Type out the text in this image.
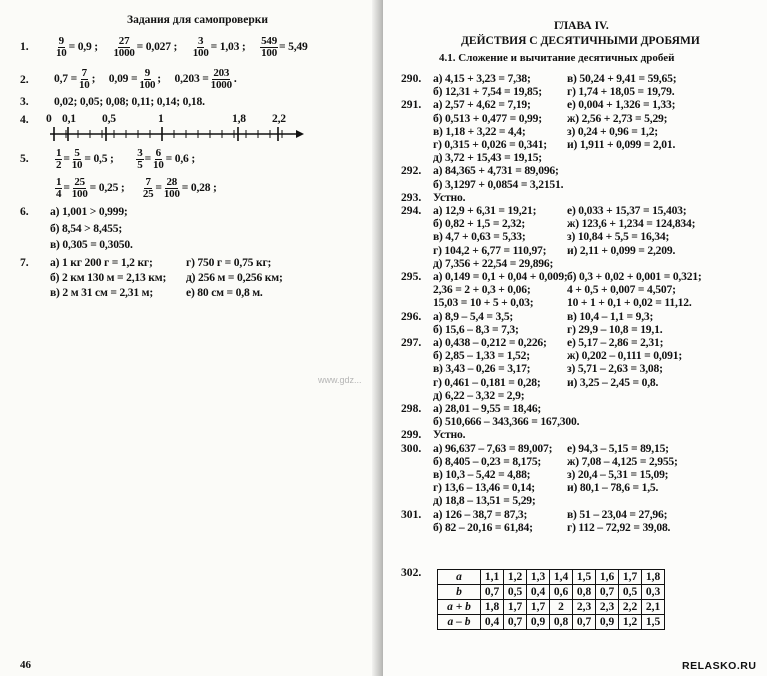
Задания для самопроверки
1. $\frac{9}{10} = 0,9$ ; $\frac{27}{1000} = 0,027$ ; $\frac{3}{100} = 1,03$ ; $\frac{549}{100} = 5,49$
2. $0,7 = \frac{7}{10}$ ; $0,09 = \frac{9}{100}$ ; $0,203 = \frac{203}{1000}$ .
3. 0,02; 0,05; 0,08; 0,11; 0,14; 0,18.
4. 0 0,1 0,5	1	1,8 2,2
5. $\frac{1}{2} = \frac{5}{10} = 0,5$ ; $\frac{3}{5} = \frac{6}{10} = 0,6$ ;
$\frac{1}{4} = \frac{25}{100} = 0,25$ ; $\frac{7}{25} = \frac{28}{100} = 0,28$ ;
6. а) 1,001 > 0,999;
б) 8,54 > 8,455;
в) 0,305 = 0,3050.
7. а) 1 кг 200 г = 1,2 кг;
б) 2 км 130 м = 2,13 км;
в) 2 м 31 см = 2,31 м;
г) 750 г = 0,75 кг;
д) 256 м = 0,256 км;
е) 80 см = 0,8 м.
46
www.gdz...
ГЛАВА IV.
ДЕЙСТВИЯ С ДЕСЯТИЧНЫМИ ДРОБЯМИ
4.1. Сложение и вычитание десятичных дробей
290. а) 4,15 + 3,23 = 7,38;	в) 50,24 + 9,41 = 59,65;
б) 12,31 + 7,54 = 19,85; г) 1,74 + 18,05 = 19,79.
291. а) 2,57 + 4,62 = 7,19;	е) 0,004 + 1,326 = 1,33;
б) 0,513 + 0,477 = 0,99; ж) 2,56 + 2,73 = 5,29;
в) 1,18 + 3,22 = 4,4;	з) 0,24 + 0,96 = 1,2;
г) 0,315 + 0,026 = 0,341; и) 1,911 + 0,099 = 2,01.
д) 3,72 + 15,43 = 19,15;
292. а) 84,365 + 4,731 = 89,096;
б) 3,1297 + 0,0854 = 3,2151.
293. Устно.
294. а) 12,9 + 6,31 = 19,21;	е) 0,033 + 15,37 = 15,403;
б) 0,82 + 1,5 = 2,32;	ж) 123,6 + 1,234 = 124,834;
в) 4,7 + 0,63 = 5,33;	з) 10,84 + 5,5 = 16,34;
г) 104,2 + 6,77 = 110,97; и) 2,11 + 0,099 = 2,209.
д) 7,356 + 22,54 = 29,896;
295. а) 0,149 = 0,1 + 0,04 + 0,009; б) 0,3 + 0,02 + 0,001 = 0,321;
2,36 = 2 + 0,3 + 0,06;	4 + 0,5 + 0,007 = 4,507;
15,03 = 10 + 5 + 0,03;	10 + 1 + 0,1 + 0,02 = 11,12.
296. а) 8,9 – 5,4 = 3,5;	в) 10,4 – 1,1 = 9,3;
б) 15,6 – 8,3 = 7,3;	г) 29,9 – 10,8 = 19,1.
297. а) 0,438 – 0,212 = 0,226; е) 5,17 – 2,86 = 2,31;
б) 2,85 – 1,33 = 1,52;	ж) 0,202 – 0,111 = 0,091;
в) 3,43 – 0,26 = 3,17;	з) 5,71 – 2,63 = 3,08;
г) 0,461 – 0,181 = 0,28; и) 3,25 – 2,45 = 0,8.
д) 6,22 – 3,32 = 2,9;
298. а) 28,01 – 9,55 = 18,46;
б) 510,666 – 343,366 = 167,300.
299. Устно.
300. а) 96,637 – 7,63 = 89,007; е) 94,3 – 5,15 = 89,15;
б) 8,405 – 0,23 = 8,175; ж) 7,08 – 4,125 = 2,955;
в) 10,3 – 5,42 = 4,88;	з) 20,4 – 5,31 = 15,09;
г) 13,6 – 13,46 = 0,14;	и) 80,1 – 78,6 = 1,5.
д) 18,8 – 13,51 = 5,29;
301. а) 126 – 38,7 = 87,3;	в) 51 – 23,04 = 27,96;
б) 82 – 20,16 = 61,84;	г) 112 – 72,92 = 39,08.
302.	a	1,1	1,2	1,3	1,4	1,5	1,6	1,7	1,8
b	0,7	0,5	0,4	0,6	0,8	0,7	0,5	0,3
a + b	1,8	1,7	1,7	2	2,3	2,3	2,2	2,1
a – b	0,4	0,7	0,9	0,8	0,7	0,9	1,2	1,5
RELASKO.RU
